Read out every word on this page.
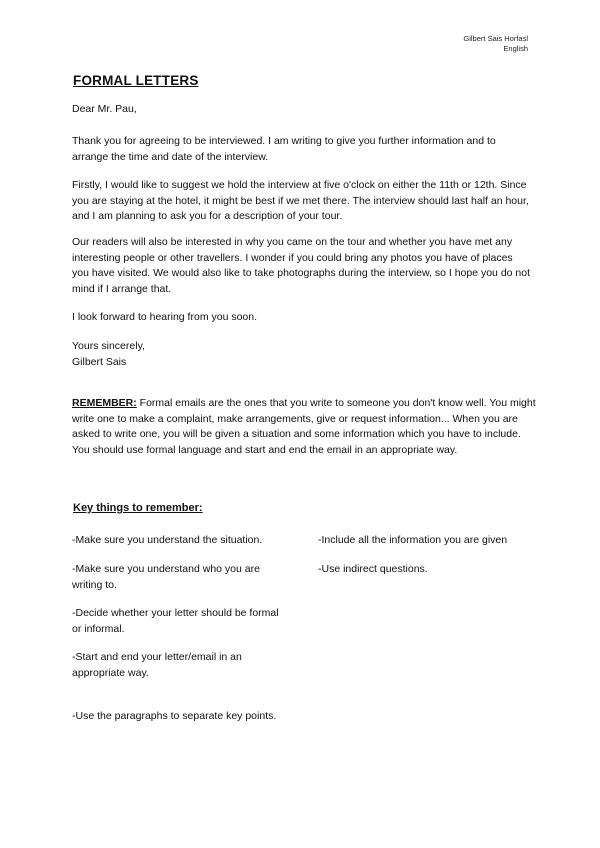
Gilbert Sais Horfasl
English
FORMAL LETTERS

Dear Mr. Pau,

Thank you for agreeing to be interviewed. I am writing to give you further information and to arrange the time and date of the interview.

Firstly, I would like to suggest we hold the interview at five o'clock on either the 11th or 12th. Since you are staying at the hotel, it might be best if we met there. The interview should last half an hour, and I am planning to ask you for a description of your tour.

Our readers will also be interested in why you came on the tour and whether you have met any interesting people or other travellers. I wonder if you could bring any photos you have of places you have visited. We would also like to take photographs during the interview, so I hope you do not mind if I arrange that.

I look forward to hearing from you soon.

Yours sincerely,

Gilbert Sais

REMEMBER: Formal emails are the ones that you write to someone you don't know well. You might write one to make a complaint, make arrangements, give or request information... When you are asked to write one, you will be given a situation and some information which you have to include.

You should use formal language and start and end the email in an appropriate way.

Key things to remember:
-Make sure you understand the situation.
-Make sure you understand who you are writing to.
-Decide whether your letter should be formal or informal.
-Start and end your letter/email in an appropriate way.
-Use the paragraphs to separate key points.
-Include all the information you are given
-Use indirect questions.
